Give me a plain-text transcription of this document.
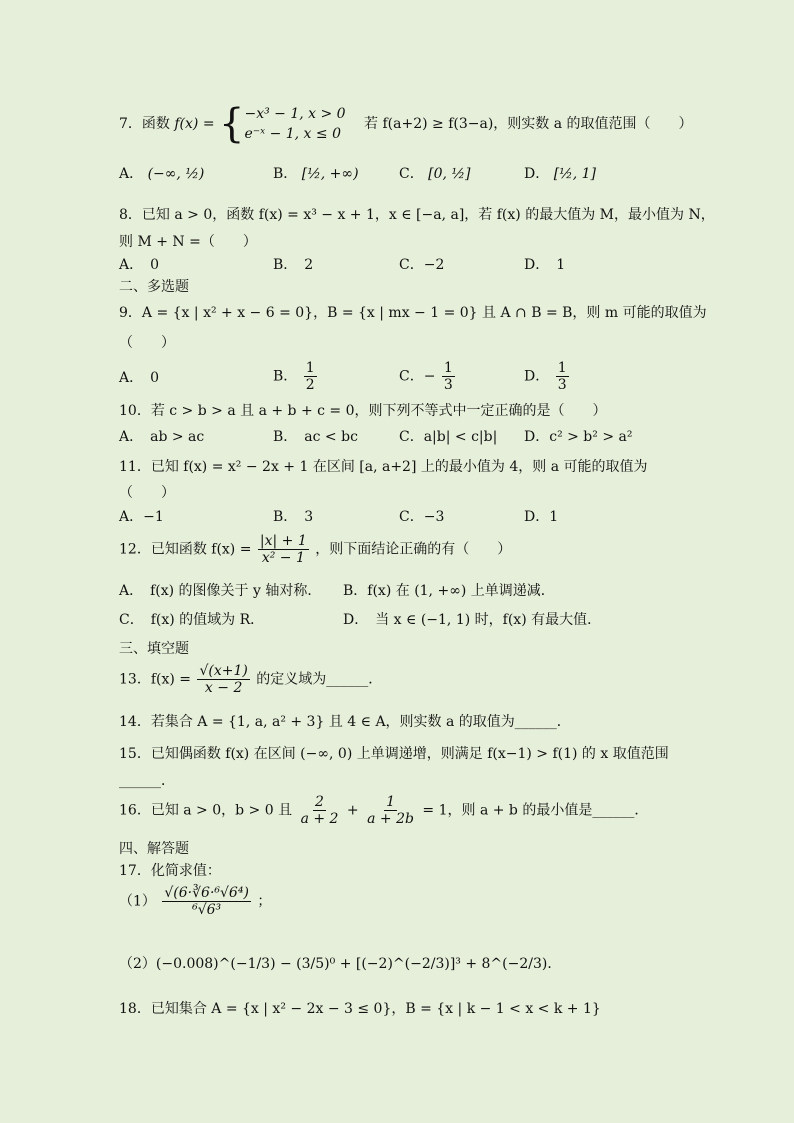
7．函数 f(x) = { −x³ − 1, x > 0
e⁻ˣ − 1, x ≤ 0
若 f(a+2) ≥ f(3−a)，则实数 a 的取值范围（　　）
A． (−∞, ½)	B． [½, +∞)	C． [0, ½]	D． [½, 1]
8．已知 a > 0，函数 f(x) = x³ − x + 1，x ∈ [−a, a]，若 f(x) 的最大值为 M，最小值为 N，
则 M + N =（　　）
A．　0	B．　2	C．−2	D．　1
二、多选题
9．A = {x | x² + x − 6 = 0}，B = {x | mx − 1 = 0} 且 A ∩ B = B，则 m 可能的取值为
（　　）
A．　0	B． $\frac{1}{2}$	C．− $\frac{1}{3}$	D． $\frac{1}{3}$
10．若 c > b > a 且 a + b + c = 0，则下列不等式中一定正确的是（　　）
A．　ab > ac	B．　ac < bc	C．a|b| < c|b| D．c² > b² > a²
11．已知 f(x) = x² − 2x + 1 在区间 [a, a+2] 上的最小值为 4，则 a 可能的取值为
（　　）
A．−1	B．　3	C．−3	D．1
12．已知函数 $f(x) = \frac{|x| + 1}{\text{x² − 1}}$ ，则下面结论正确的有（　　）
A．　f(x) 的图像关于 y 轴对称． B．f(x) 在 (1, +∞) 上单调递减．
C．　f(x) 的值域为 R．	D．　当 x ∈ (−1, 1) 时，f(x) 有最大值．
三、填空题
13．$f(x) = \frac{√(x+1)}{x - 2}$ 的定义域为______．
14．若集合 A = {1, a, a² + 3} 且 4 ∈ A，则实数 a 的取值为______．
15．已知偶函数 f(x) 在区间 (−∞, 0) 上单调递增，则满足 f(x−1) > f(1) 的 x 取值范围
______．
16．已知 a > 0，b > 0 且 $\frac{2}{a + 2} + \frac{1}{a + 2b} = 1$，则 a + b 的最小值是______．
四、解答题
17．化简求值：
$(1) \frac{\text{√(6·∛6·⁶√6⁴)}}{\text{⁶√6³}}$ ；
（2）(−0.008)^(−1/3) − (3/5)⁰ + [(−2)^(−2/3)]³ + 8^(−2/3)．
18．已知集合 A = {x | x² − 2x − 3 ≤ 0}，B = {x | k − 1 < x < k + 1}
